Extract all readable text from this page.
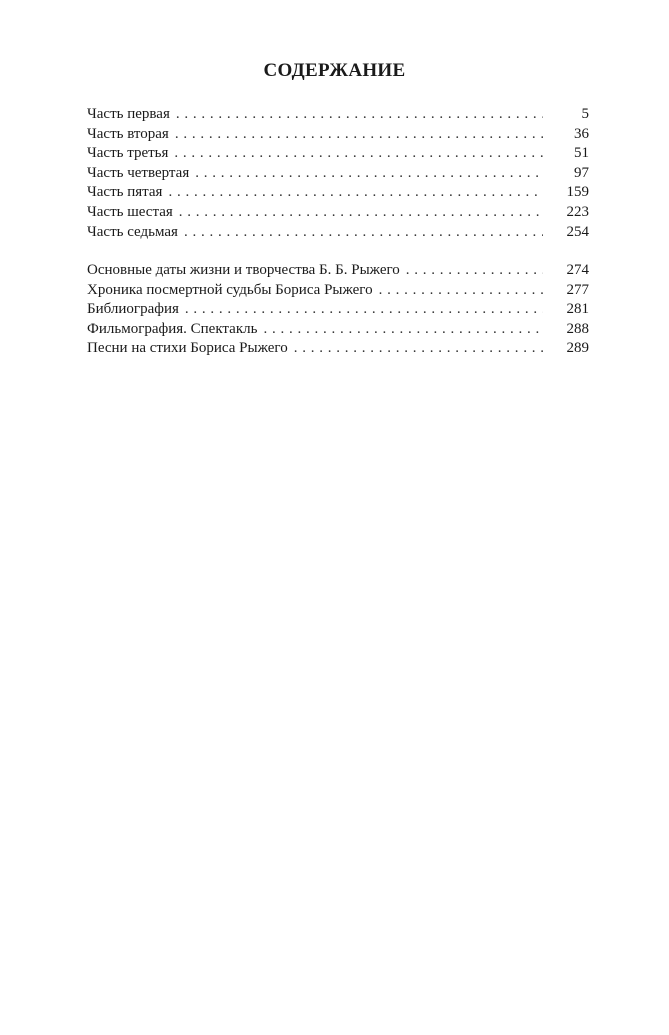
СОДЕРЖАНИЕ
Часть первая . . .	5
Часть вторая . . .	36
Часть третья . . .	51
Часть четвертая . . .	97
Часть пятая . . .	159
Часть шестая . . .	223
Часть седьмая . . .	254
Основные даты жизни и творчества Б. Б. Рыжего . . .	274
Хроника посмертной судьбы Бориса Рыжего . . .	277
Библиография . . .	281
Фильмография. Спектакль . . .	288
Песни на стихи Бориса Рыжего . . .	289
